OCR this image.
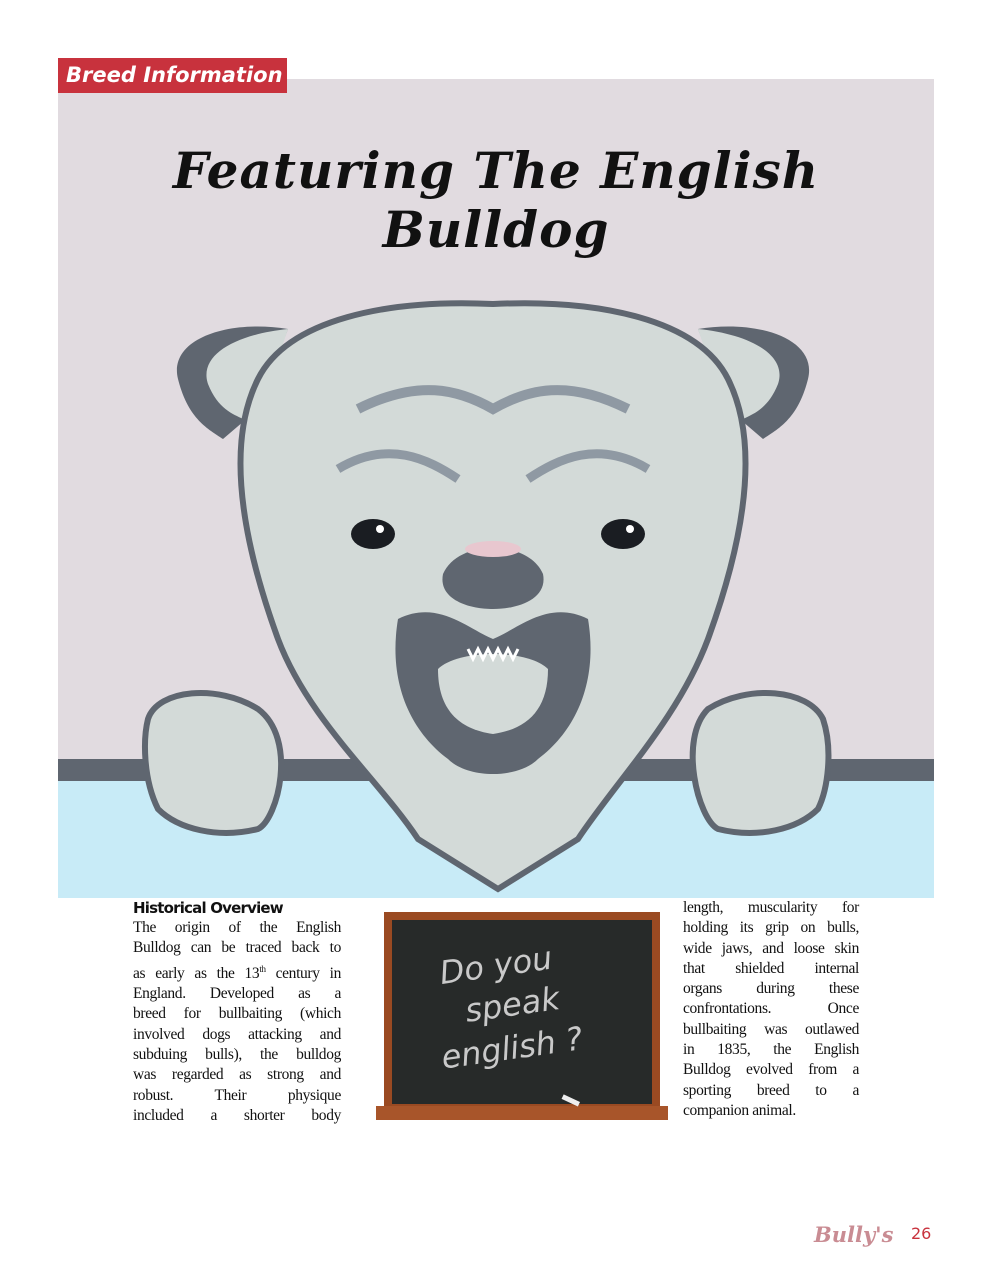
Breed Information
Featuring The English Bulldog
Historical Overview
The origin of the English
Bulldog can be traced back to
as early as the 13th century in
England. Developed as a
breed for bullbaiting (which
involved dogs attacking and
subduing bulls), the bulldog
was regarded as strong and
robust. Their physique
included a shorter body
Do you
speak
english ?
length, muscularity for
holding its grip on bulls,
wide jaws, and loose skin
that shielded internal
organs during these
confrontations. Once
bullbaiting was outlawed
in 1835, the English
Bulldog evolved from a
sporting breed to a
companion animal.
Bully's 26
